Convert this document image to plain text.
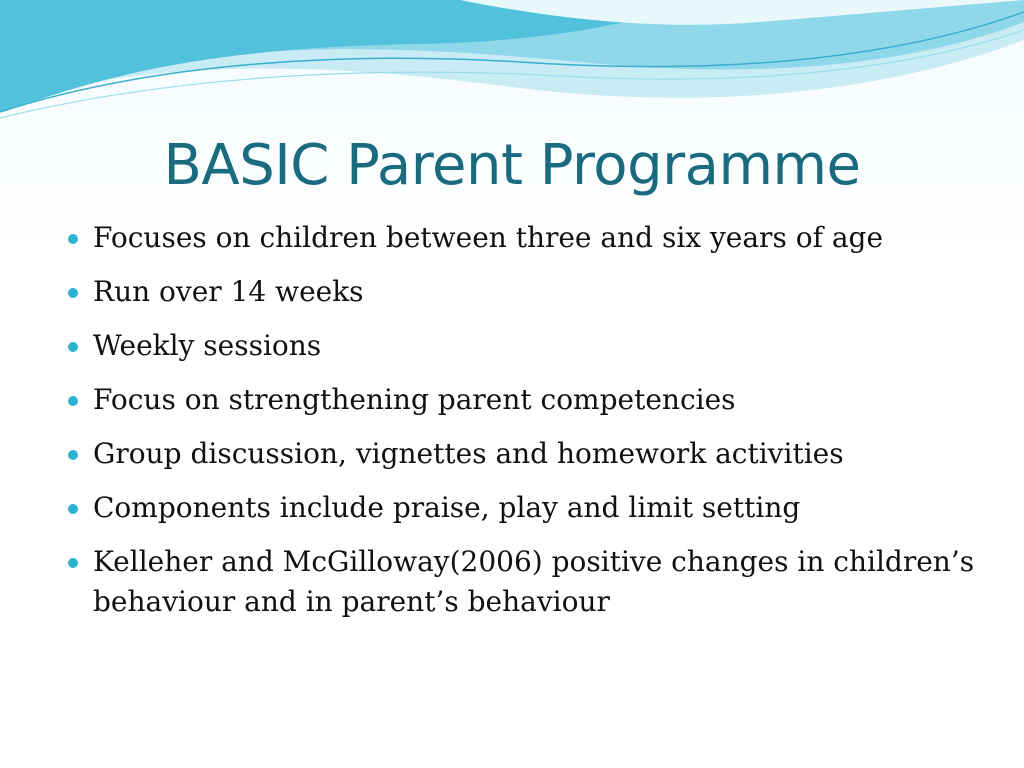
BASIC Parent Programme
Focuses on children between three and six years of age
Run over 14 weeks
Weekly sessions
Focus on strengthening parent competencies
Group discussion, vignettes and homework activities
Components include praise, play and limit setting
Kelleher and McGilloway(2006) positive changes in children’s behaviour and in parent’s behaviour
